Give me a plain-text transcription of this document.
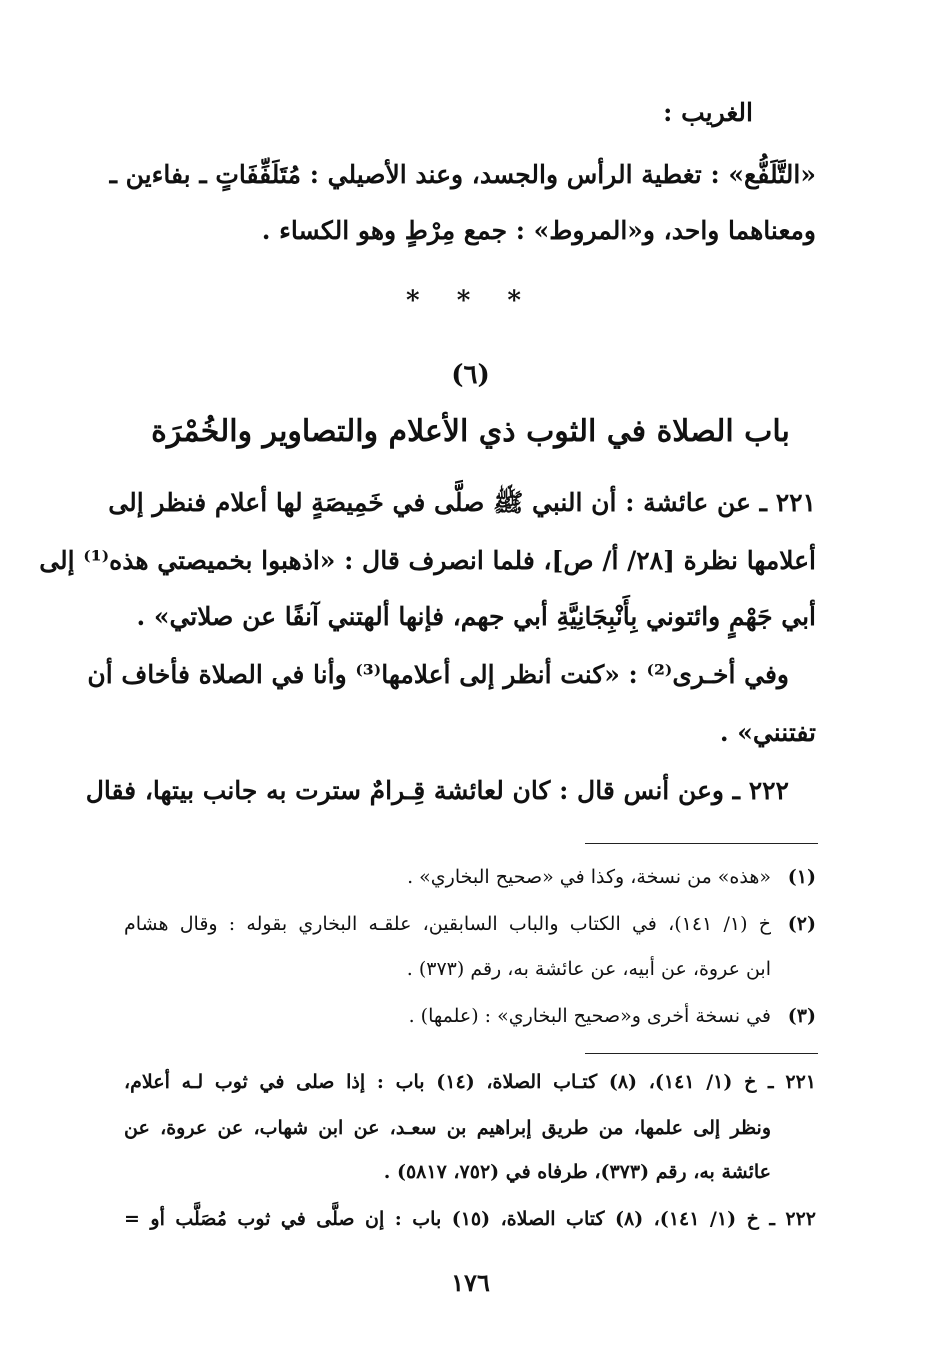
الغريب :
«التَّلَفُّع» : تغطية الرأس والجسد، وعند الأصيلي : مُتَلَفِّفَاتٍ ـ بفاءين ـ
ومعناهما واحد، و«المروط» : جمع مِرْطٍ وهو الكساء .
* * *
(٦)
باب الصلاة في الثوب ذي الأعلام والتصاوير والخُمْرَة
٢٢١ ـ عن عائشة : أن النبي ﷺ صلَّى في خَمِيصَةٍ لها أعلام فنظر إلى
أعلامها نظرة [٢٨/ أ/ ص]، فلما انصرف قال : «اذهبوا بخميصتي هذه⁽¹⁾ إلى
أبي جَهْمٍ وائتوني بِأَنْبِجَانِيَّةِ أبي جهم، فإنها ألهتني آنفًا عن صلاتي» .
وفي أخـرى⁽²⁾ : «كنت أنظر إلى أعلامها⁽³⁾ وأنا في الصلاة فأخاف أن
تفتنني» .
٢٢٢ ـ وعن أنس قال : كان لعائشة قِـرامٌ سترت به جانب بيتها، فقال
(١)
«هذه» من نسخة، وكذا في «صحيح البخاري» .
(٢)
خ (١/ ١٤١)، في الكتاب والباب السابقين، علقـه البخاري بقوله : وقال هشام
ابن عروة، عن أبيه، عن عائشة به، رقم (٣٧٣) .
(٣)
في نسخة أخرى و«صحيح البخاري» : (علمها) .
٢٢١ ـ خ (١/ ١٤١)، (٨) كتـاب الصلاة، (١٤) باب : إذا صلى في ثوب لـه أعلام،
ونظر إلى علمها، من طريق إبراهيم بن سعـد، عن ابن شهاب، عن عروة، عن
عائشة به، رقم (٣٧٣)، طرفاه في (٧٥٢، ٥٨١٧) .
٢٢٢ ـ خ (١/ ١٤١)، (٨) كتاب الصلاة، (١٥) باب : إن صلَّى في ثوب مُصَلَّب أو =
١٧٦
